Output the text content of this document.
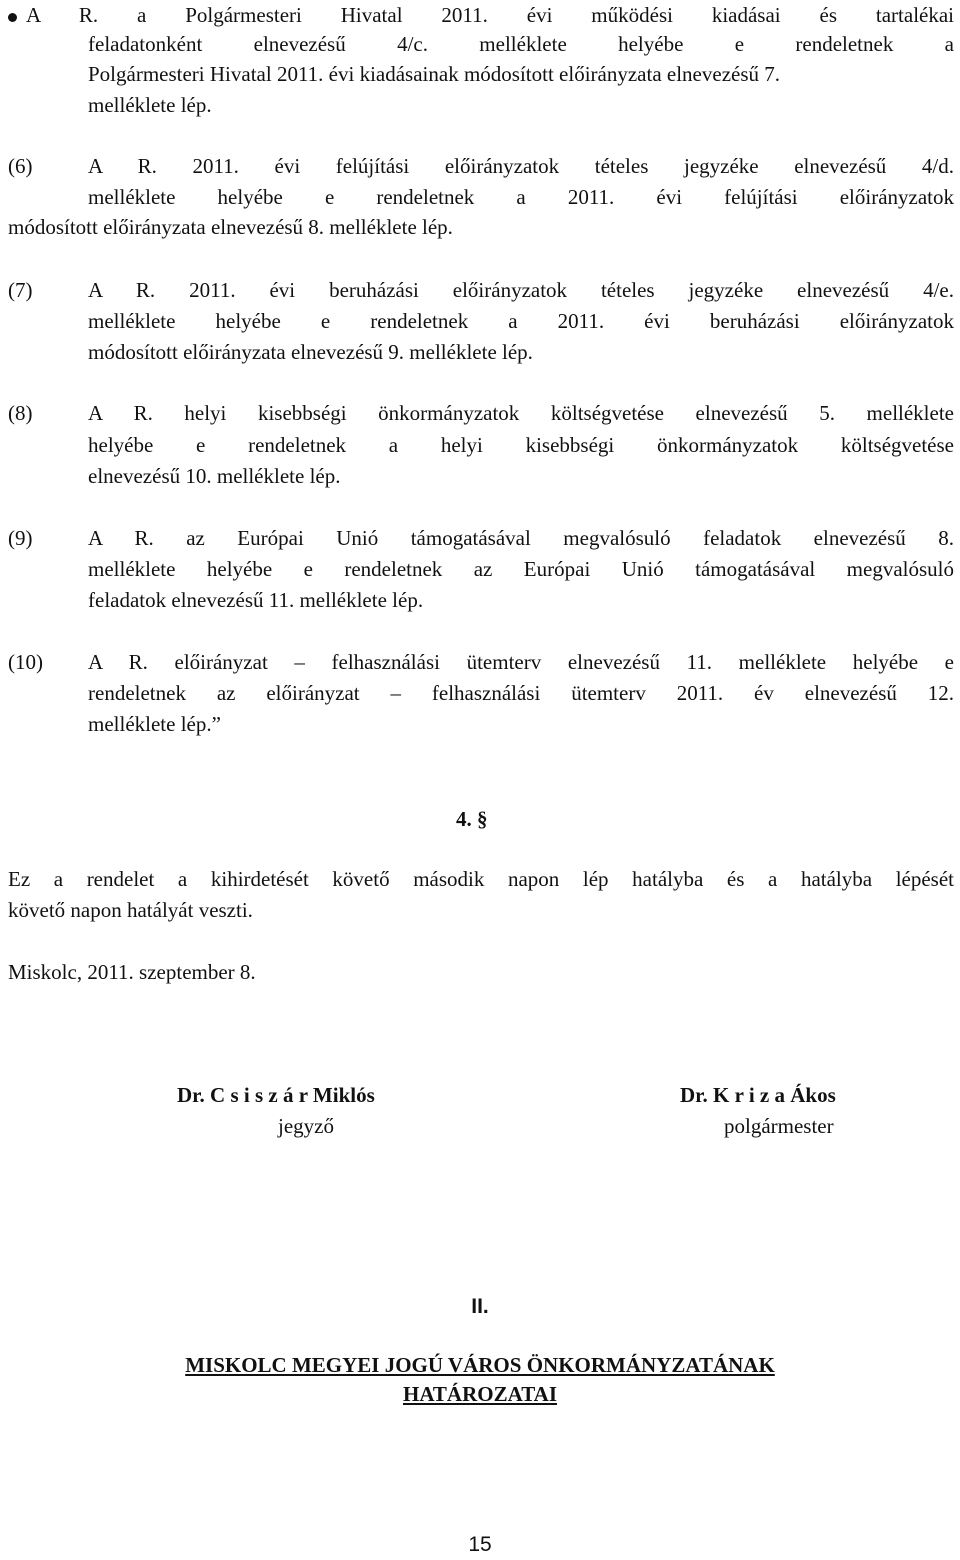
A R. a Polgármesteri Hivatal 2011. évi működési kiadásai és tartalékai
feladatonként elnevezésű 4/c. melléklete helyébe e rendeletnek a
Polgármesteri Hivatal 2011. évi kiadásainak módosított előirányzata elnevezésű 7.
melléklete lép.
(6)	A R. 2011. évi felújítási előirányzatok tételes jegyzéke elnevezésű 4/d.
melléklete helyébe e rendeletnek a 2011. évi felújítási előirányzatok
módosított előirányzata elnevezésű 8. melléklete lép.
(7)	A R. 2011. évi beruházási előirányzatok tételes jegyzéke elnevezésű 4/e.
melléklete helyébe e rendeletnek a 2011. évi beruházási előirányzatok
módosított előirányzata elnevezésű 9. melléklete lép.
(8)	A R. helyi kisebbségi önkormányzatok költségvetése elnevezésű 5. melléklete
helyébe e rendeletnek a helyi kisebbségi önkormányzatok költségvetése
elnevezésű 10. melléklete lép.
(9)	A R. az Európai Unió támogatásával megvalósuló feladatok elnevezésű 8.
melléklete helyébe e rendeletnek az Európai Unió támogatásával megvalósuló
feladatok elnevezésű 11. melléklete lép.
(10) A R. előirányzat – felhasználási ütemterv elnevezésű 11. melléklete helyébe e
rendeletnek az előirányzat – felhasználási ütemterv 2011. év elnevezésű 12.
melléklete lép.”
4. §
Ez a rendelet a kihirdetését követő második napon lép hatályba és a hatályba lépését
követő napon hatályát veszti.
Miskolc, 2011. szeptember 8.
Dr. C s i s z á r Miklós
jegyző
Dr. K r i z a Ákos
polgármester
II.
MISKOLC MEGYEI JOGÚ VÁROS ÖNKORMÁNYZATÁNAK
HATÁROZATAI
15
